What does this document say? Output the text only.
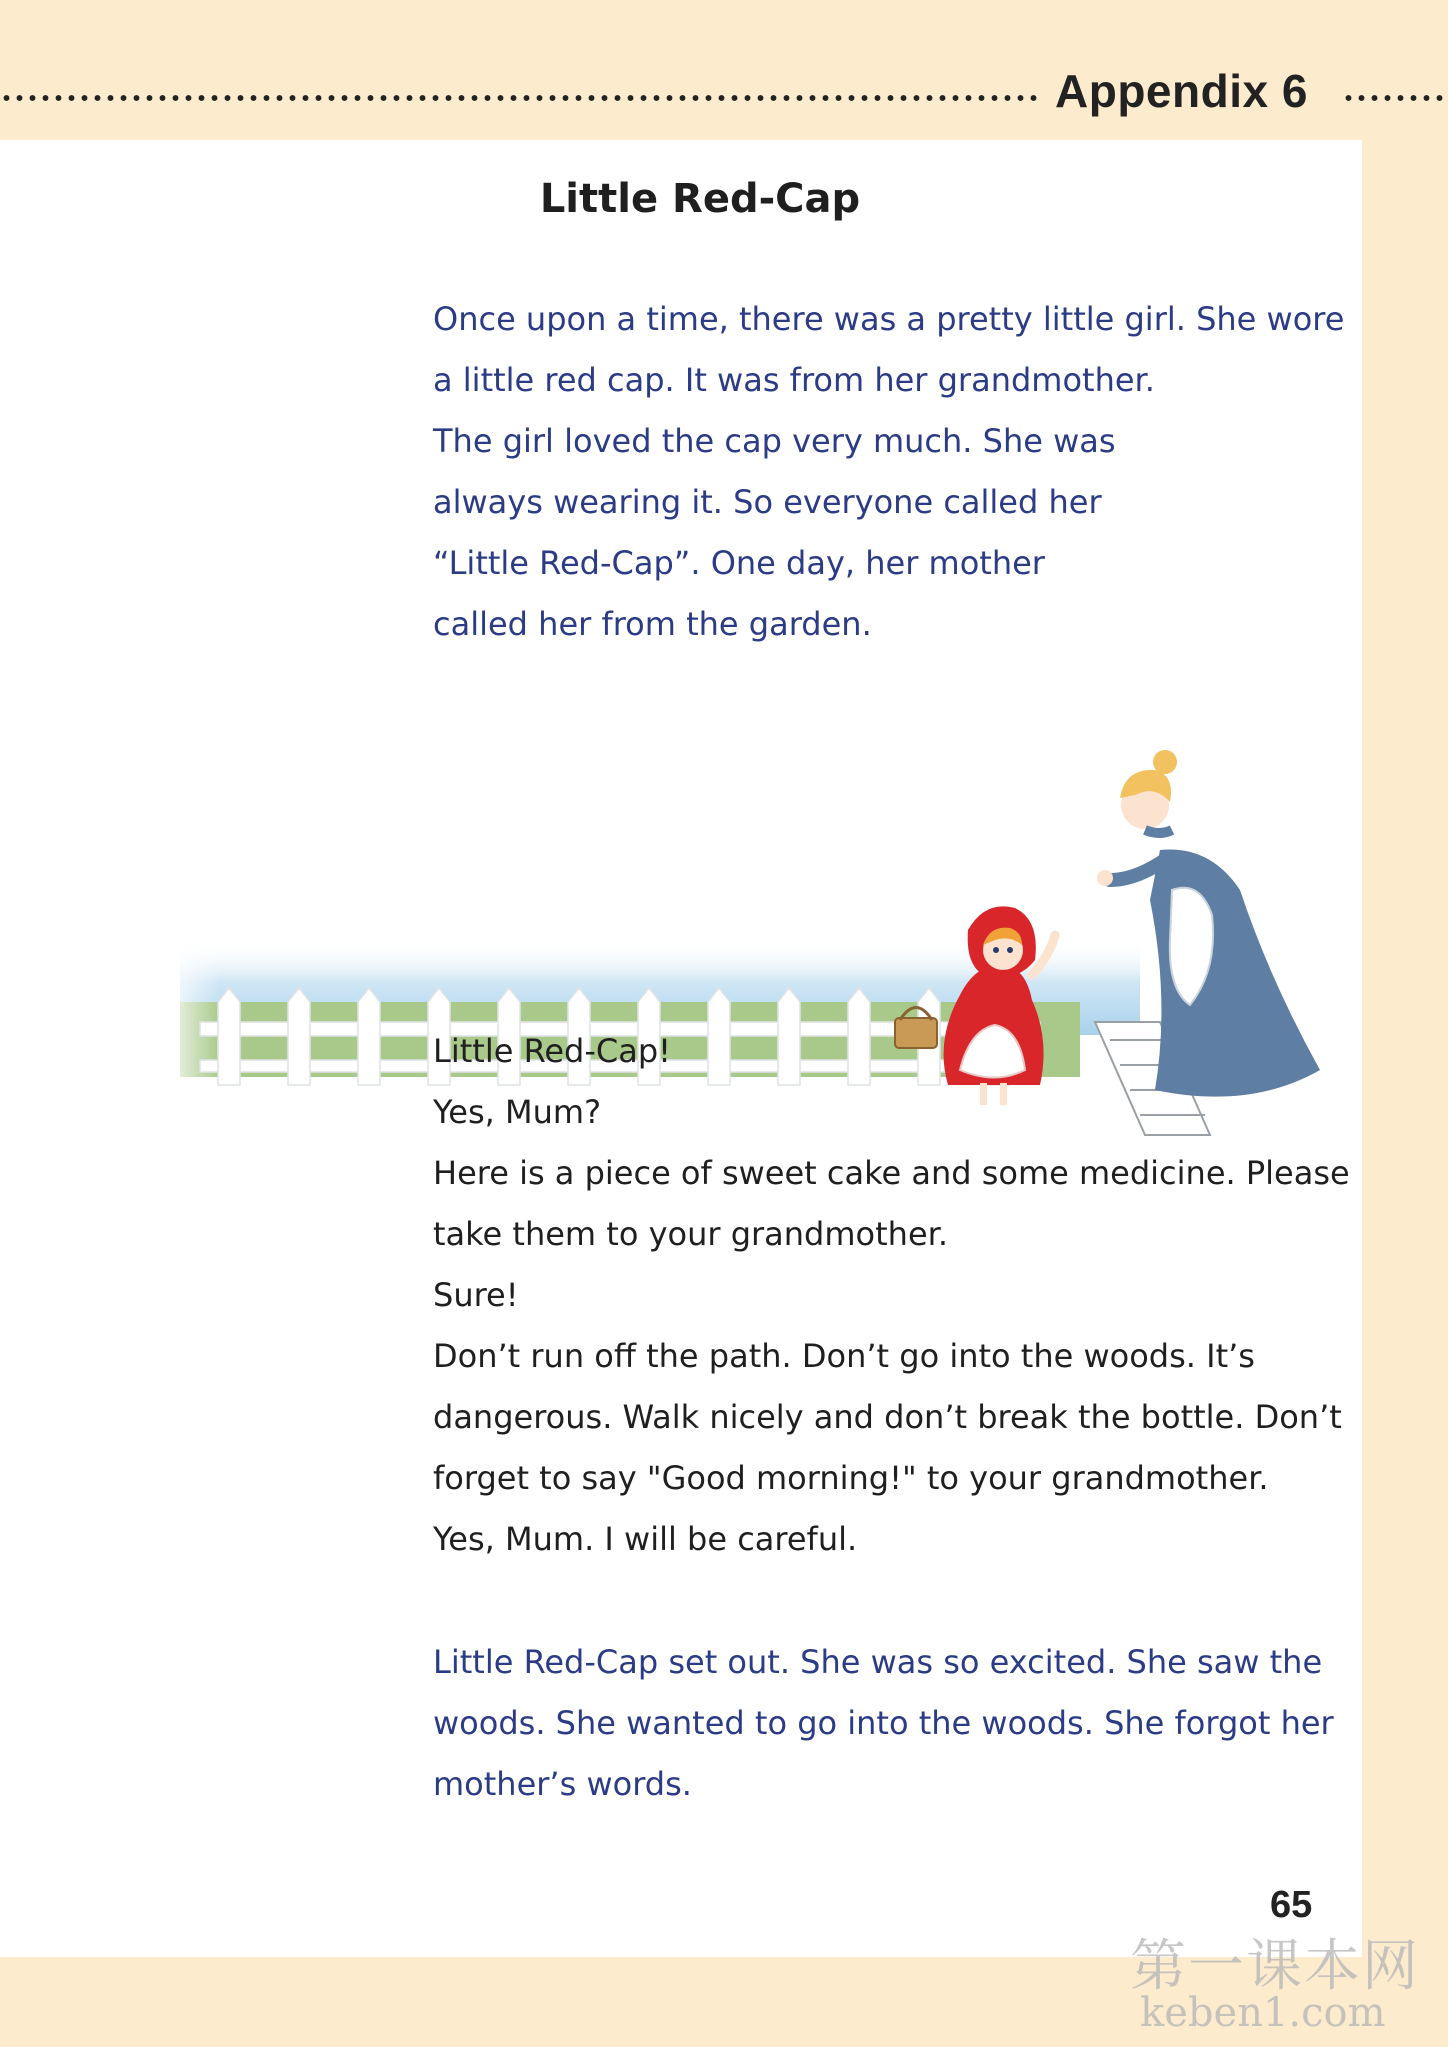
Appendix 6
Little Red-Cap
Once upon a time, there was a pretty little girl. She wore
a little red cap. It was from her grandmother.
The girl loved the cap very much. She was
always wearing it. So everyone called her
“Little Red-Cap”. One day, her mother
called her from the garden.
Little Red-Cap!
Yes, Mum?
Here is a piece of sweet cake and some medicine. Please
take them to your grandmother.
Sure!
Don’t run off the path. Don’t go into the woods. It’s
dangerous. Walk nicely and don’t break the bottle. Don’t
forget to say "Good morning!" to your grandmother.
Yes, Mum. I will be careful.
Little Red-Cap set out. She was so excited. She saw the
woods. She wanted to go into the woods. She forgot her
mother’s words.
65
第一课本网
keben1.com
